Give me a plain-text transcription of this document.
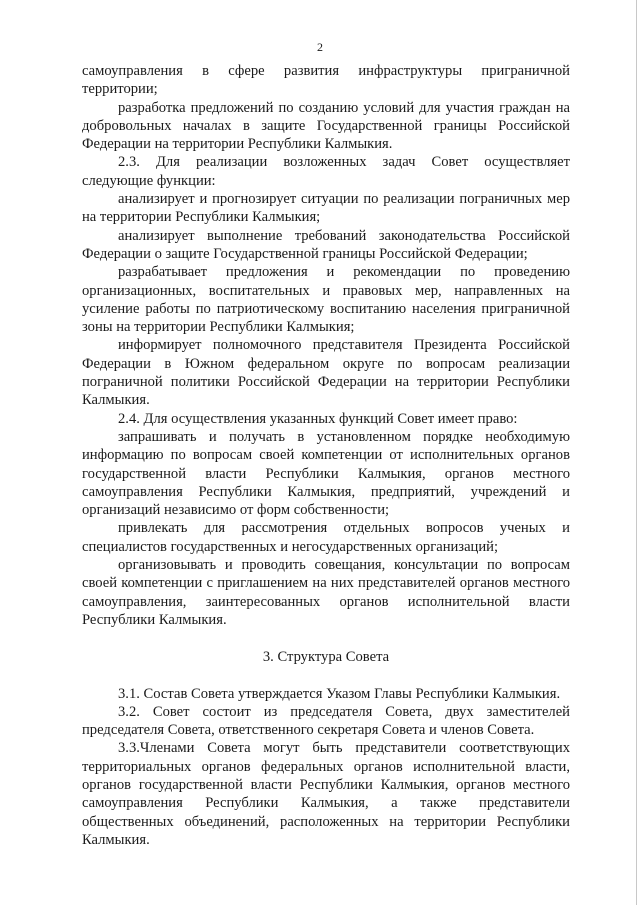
2

самоуправления в сфере развития инфраструктуры приграничной территории;

разработка предложений по созданию условий для участия граждан на добровольных началах в защите Государственной границы Российской Федерации на территории Республики Калмыкия.

2.3. Для реализации возложенных задач Совет осуществляет следующие функции:

анализирует и прогнозирует ситуации по реализации пограничных мер на территории Республики Калмыкия;

анализирует выполнение требований законодательства Российской Федерации о защите Государственной границы Российской Федерации;

разрабатывает предложения и рекомендации по проведению организационных, воспитательных и правовых мер, направленных на усиление работы по патриотическому воспитанию населения приграничной зоны на территории Республики Калмыкия;

информирует полномочного представителя Президента Российской Федерации в Южном федеральном округе по вопросам реализации пограничной политики Российской Федерации на территории Республики Калмыкия.

2.4. Для осуществления указанных функций Совет имеет право:

запрашивать и получать в установленном порядке необходимую информацию по вопросам своей компетенции от исполнительных органов государственной власти Республики Калмыкия, органов местного самоуправления Республики Калмыкия, предприятий, учреждений и организаций независимо от форм собственности;

привлекать для рассмотрения отдельных вопросов ученых и специалистов государственных и негосударственных организаций;

организовывать и проводить совещания, консультации по вопросам своей компетенции с приглашением на них представителей органов местного самоуправления, заинтересованных органов исполнительной власти Республики Калмыкия.

3. Структура Совета

3.1. Состав Совета утверждается Указом Главы Республики Калмыкия.

3.2. Совет состоит из председателя Совета, двух заместителей председателя Совета, ответственного секретаря Совета и членов Совета.

3.3.Членами Совета могут быть представители соответствующих территориальных органов федеральных органов исполнительной власти, органов государственной власти Республики Калмыкия, органов местного самоуправления Республики Калмыкия, а также представители общественных объединений, расположенных на территории Республики Калмыкия.
